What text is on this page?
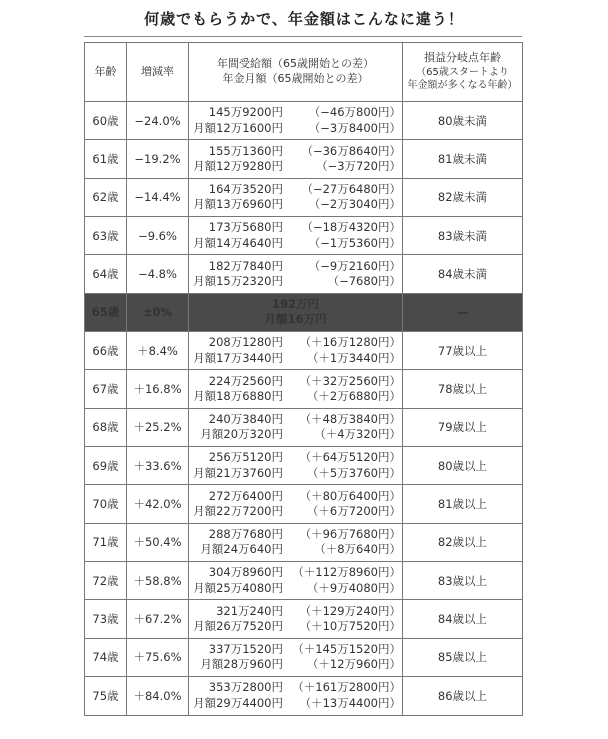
何歳でもらうかで、年金額はこんなに違う！
年齢	増減率	年間受給額（65歳開始との差）
年金月額（65歳開始との差）	損益分岐点年齢
（65歳スタートより
年金額が多くなる年齢）

60歳	−24.0%	145万9200円 （−46万800円）
月額12万1600円 （−3万8400円）	80歳未満
61歳	−19.2%	155万1360円 （−36万8640円）
月額12万9280円 （−3万720円）	81歳未満
62歳	−14.4%	164万3520円 （−27万6480円）
月額13万6960円 （−2万3040円）	82歳未満
63歳	−9.6%	173万5680円 （−18万4320円）
月額14万4640円 （−1万5360円）	83歳未満
64歳	−4.8%	182万7840円 （−9万2160円）
月額15万2320円 （−7680円）	84歳未満
65歳	±0%	192万円
月額16万円	—
66歳	＋8.4%	208万1280円 （＋16万1280円）
月額17万3440円 （＋1万3440円）	77歳以上
67歳	＋16.8%	224万2560円 （＋32万2560円）
月額18万6880円 （＋2万6880円）	78歳以上
68歳	＋25.2%	240万3840円 （＋48万3840円）
月額20万320円 （＋4万320円）	79歳以上
69歳	＋33.6%	256万5120円 （＋64万5120円）
月額21万3760円 （＋5万3760円）	80歳以上
70歳	＋42.0%	272万6400円 （＋80万6400円）
月額22万7200円 （＋6万7200円）	81歳以上
71歳	＋50.4%	288万7680円 （＋96万7680円）
月額24万640円 （＋8万640円）	82歳以上
72歳	＋58.8%	304万8960円 （＋112万8960円）
月額25万4080円 （＋9万4080円）	83歳以上
73歳	＋67.2%	321万240円 （＋129万240円）
月額26万7520円 （＋10万7520円）	84歳以上
74歳	＋75.6%	337万1520円 （＋145万1520円）
月額28万960円 （＋12万960円）	85歳以上
75歳	＋84.0%	353万2800円 （＋161万2800円）
月額29万4400円 （＋13万4400円）	86歳以上
